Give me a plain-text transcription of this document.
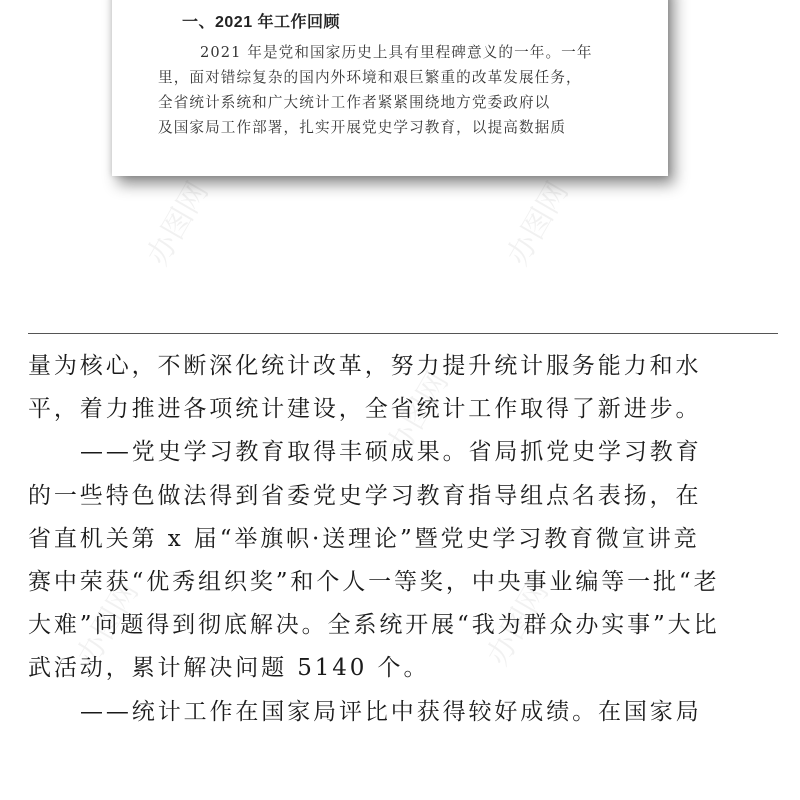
办图网	办图网
办图网
办图网
办图网
一、2021 年工作回顾
2021 年是党和国家历史上具有里程碑意义的一年。一年
里，面对错综复杂的国内外环境和艰巨繁重的改革发展任务，
全省统计系统和广大统计工作者紧紧围绕地方党委政府以
及国家局工作部署，扎实开展党史学习教育，以提高数据质
量为核心，不断深化统计改革，努力提升统计服务能力和水
平，着力推进各项统计建设，全省统计工作取得了新进步。
——党史学习教育取得丰硕成果。省局抓党史学习教育
的一些特色做法得到省委党史学习教育指导组点名表扬，在
省直机关第 x 届“举旗帜·送理论”暨党史学习教育微宣讲竞
赛中荣获“优秀组织奖”和个人一等奖，中央事业编等一批“老
大难”问题得到彻底解决。全系统开展“我为群众办实事”大比
武活动，累计解决问题 5140 个。
——统计工作在国家局评比中获得较好成绩。在国家局
